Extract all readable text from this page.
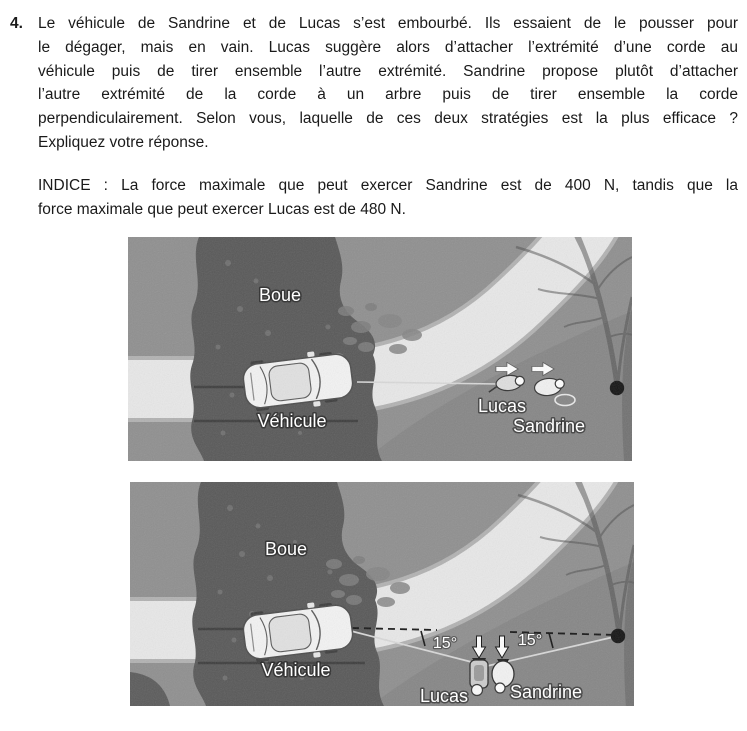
4. Le véhicule de Sandrine et de Lucas s’est embourbé. Ils essaient de le pousser pour
le dégager, mais en vain. Lucas suggère alors d’attacher l’extrémité d’une corde au
véhicule puis de tirer ensemble l’autre extrémité. Sandrine propose plutôt d’attacher
l’autre extrémité de la corde à un arbre puis de tirer ensemble la corde
perpendiculairement. Selon vous, laquelle de ces deux stratégies est la plus efficace ?
Expliquez votre réponse.
INDICE : La force maximale que peut exercer Sandrine est de 400 N, tandis que la
force maximale que peut exercer Lucas est de 480 N.
Boue
Véhicule
Lucas
Sandrine
Boue
Véhicule
15°	15°
Lucas Sandrine
